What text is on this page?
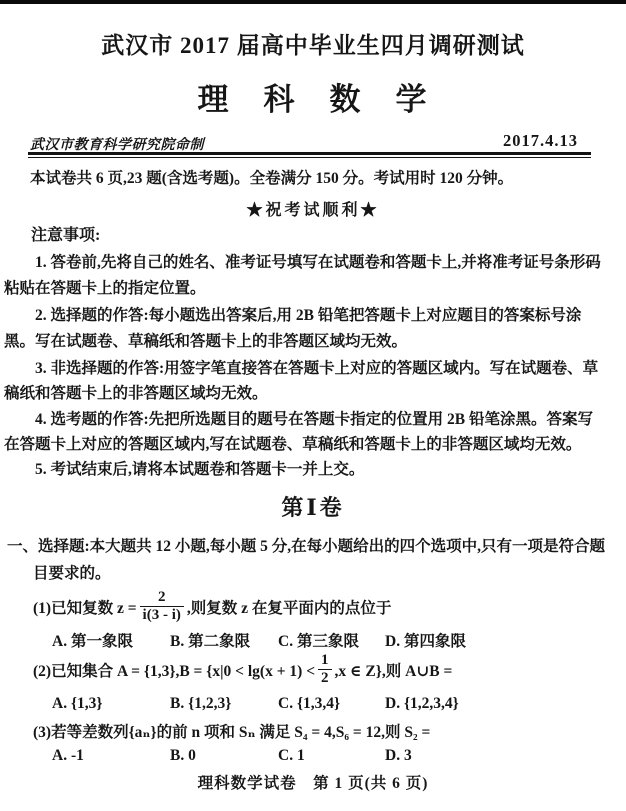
武汉市 2017 届高中毕业生四月调研测试
理　科　数　学
武汉市教育科学研究院命制	2017.4.13
本试卷共 6 页,23 题(含选考题)。全卷满分 150 分。考试用时 120 分钟。
★祝考试顺利★
注意事项:
1. 答卷前,先将自己的姓名、准考证号填写在试题卷和答题卡上,并将准考证号条形码
粘贴在答题卡上的指定位置。
2. 选择题的作答:每小题选出答案后,用 2B 铅笔把答题卡上对应题目的答案标号涂
黑。写在试题卷、草稿纸和答题卡上的非答题区域均无效。
3. 非选择题的作答:用签字笔直接答在答题卡上对应的答题区域内。写在试题卷、草
稿纸和答题卡上的非答题区域均无效。
4. 选考题的作答:先把所选题目的题号在答题卡指定的位置用 2B 铅笔涂黑。答案写
在答题卡上对应的答题区域内,写在试题卷、草稿纸和答题卡上的非答题区域均无效。
5. 考试结束后,请将本试题卷和答题卡一并上交。
第Ⅰ卷
一、选择题:本大题共 12 小题,每小题 5 分,在每小题给出的四个选项中,只有一项是符合题
目要求的。
(1)已知复数 $z = \frac{2}{i(3 - i)}$ ,则复数 z 在复平面内的点位于
A. 第一象限 B. 第二象限 C. 第三象限 D. 第四象限
(2)已知集合 $A = \{1,3\},B = \{x|0 < \lg(x + 1) < \frac{1}{2} ,x$ ∈ Z},则 A∪B =
A. {1,3}	B. {1,2,3}	C. {1,3,4}	D. {1,2,3,4}
(3)若等差数列{aₙ}的前 n 项和 Sₙ 满足 S₄ = 4,S₆ = 12,则 S₂ =
A. -1	B. 0	C. 1	D. 3
理科数学试卷　第 1 页(共 6 页)
